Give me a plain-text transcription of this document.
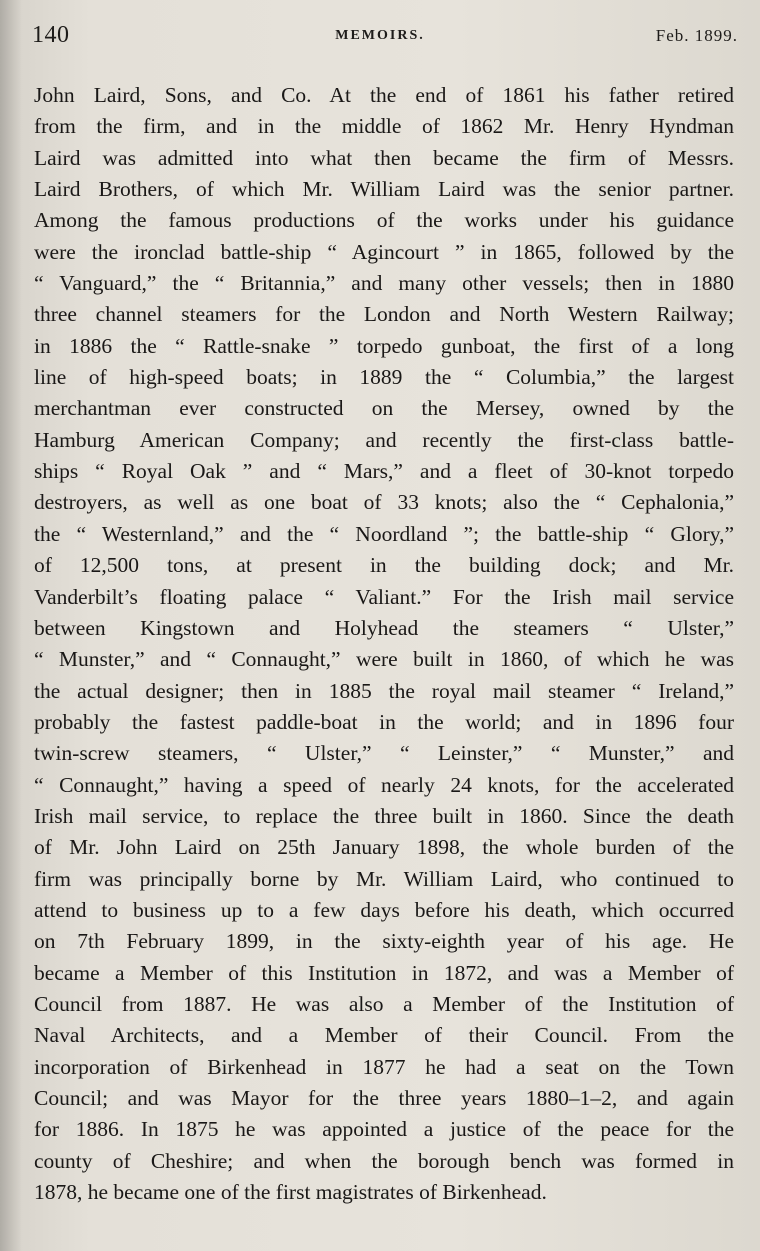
140	MEMOIRS.	Feb. 1899.

John Laird, Sons, and Co. At the end of 1861 his father retired
from the firm, and in the middle of 1862 Mr. Henry Hyndman
Laird was admitted into what then became the firm of Messrs.
Laird Brothers, of which Mr. William Laird was the senior partner.
Among the famous productions of the works under his guidance
were the ironclad battle-ship “ Agincourt ” in 1865, followed by the
“ Vanguard,” the “ Britannia,” and many other vessels; then in 1880
three channel steamers for the London and North Western Railway;
in 1886 the “ Rattle-snake ” torpedo gunboat, the first of a long
line of high-speed boats; in 1889 the “ Columbia,” the largest
merchantman ever constructed on the Mersey, owned by the
Hamburg American Company; and recently the first-class battle-
ships “ Royal Oak ” and “ Mars,” and a fleet of 30-knot torpedo
destroyers, as well as one boat of 33 knots; also the “ Cephalonia,”
the “ Westernland,” and the “ Noordland ”; the battle-ship “ Glory,”
of 12,500 tons, at present in the building dock; and Mr.
Vanderbilt’s floating palace “ Valiant.” For the Irish mail service
between Kingstown and Holyhead the steamers “ Ulster,”
“ Munster,” and “ Connaught,” were built in 1860, of which he was
the actual designer; then in 1885 the royal mail steamer “ Ireland,”
probably the fastest paddle-boat in the world; and in 1896 four
twin-screw steamers, “ Ulster,” “ Leinster,” “ Munster,” and
“ Connaught,” having a speed of nearly 24 knots, for the accelerated
Irish mail service, to replace the three built in 1860. Since the death
of Mr. John Laird on 25th January 1898, the whole burden of the
firm was principally borne by Mr. William Laird, who continued to
attend to business up to a few days before his death, which occurred
on 7th February 1899, in the sixty-eighth year of his age. He
became a Member of this Institution in 1872, and was a Member of
Council from 1887. He was also a Member of the Institution of
Naval Architects, and a Member of their Council. From the
incorporation of Birkenhead in 1877 he had a seat on the Town
Council; and was Mayor for the three years 1880–1–2, and again
for 1886. In 1875 he was appointed a justice of the peace for the
county of Cheshire; and when the borough bench was formed in
1878, he became one of the first magistrates of Birkenhead.
